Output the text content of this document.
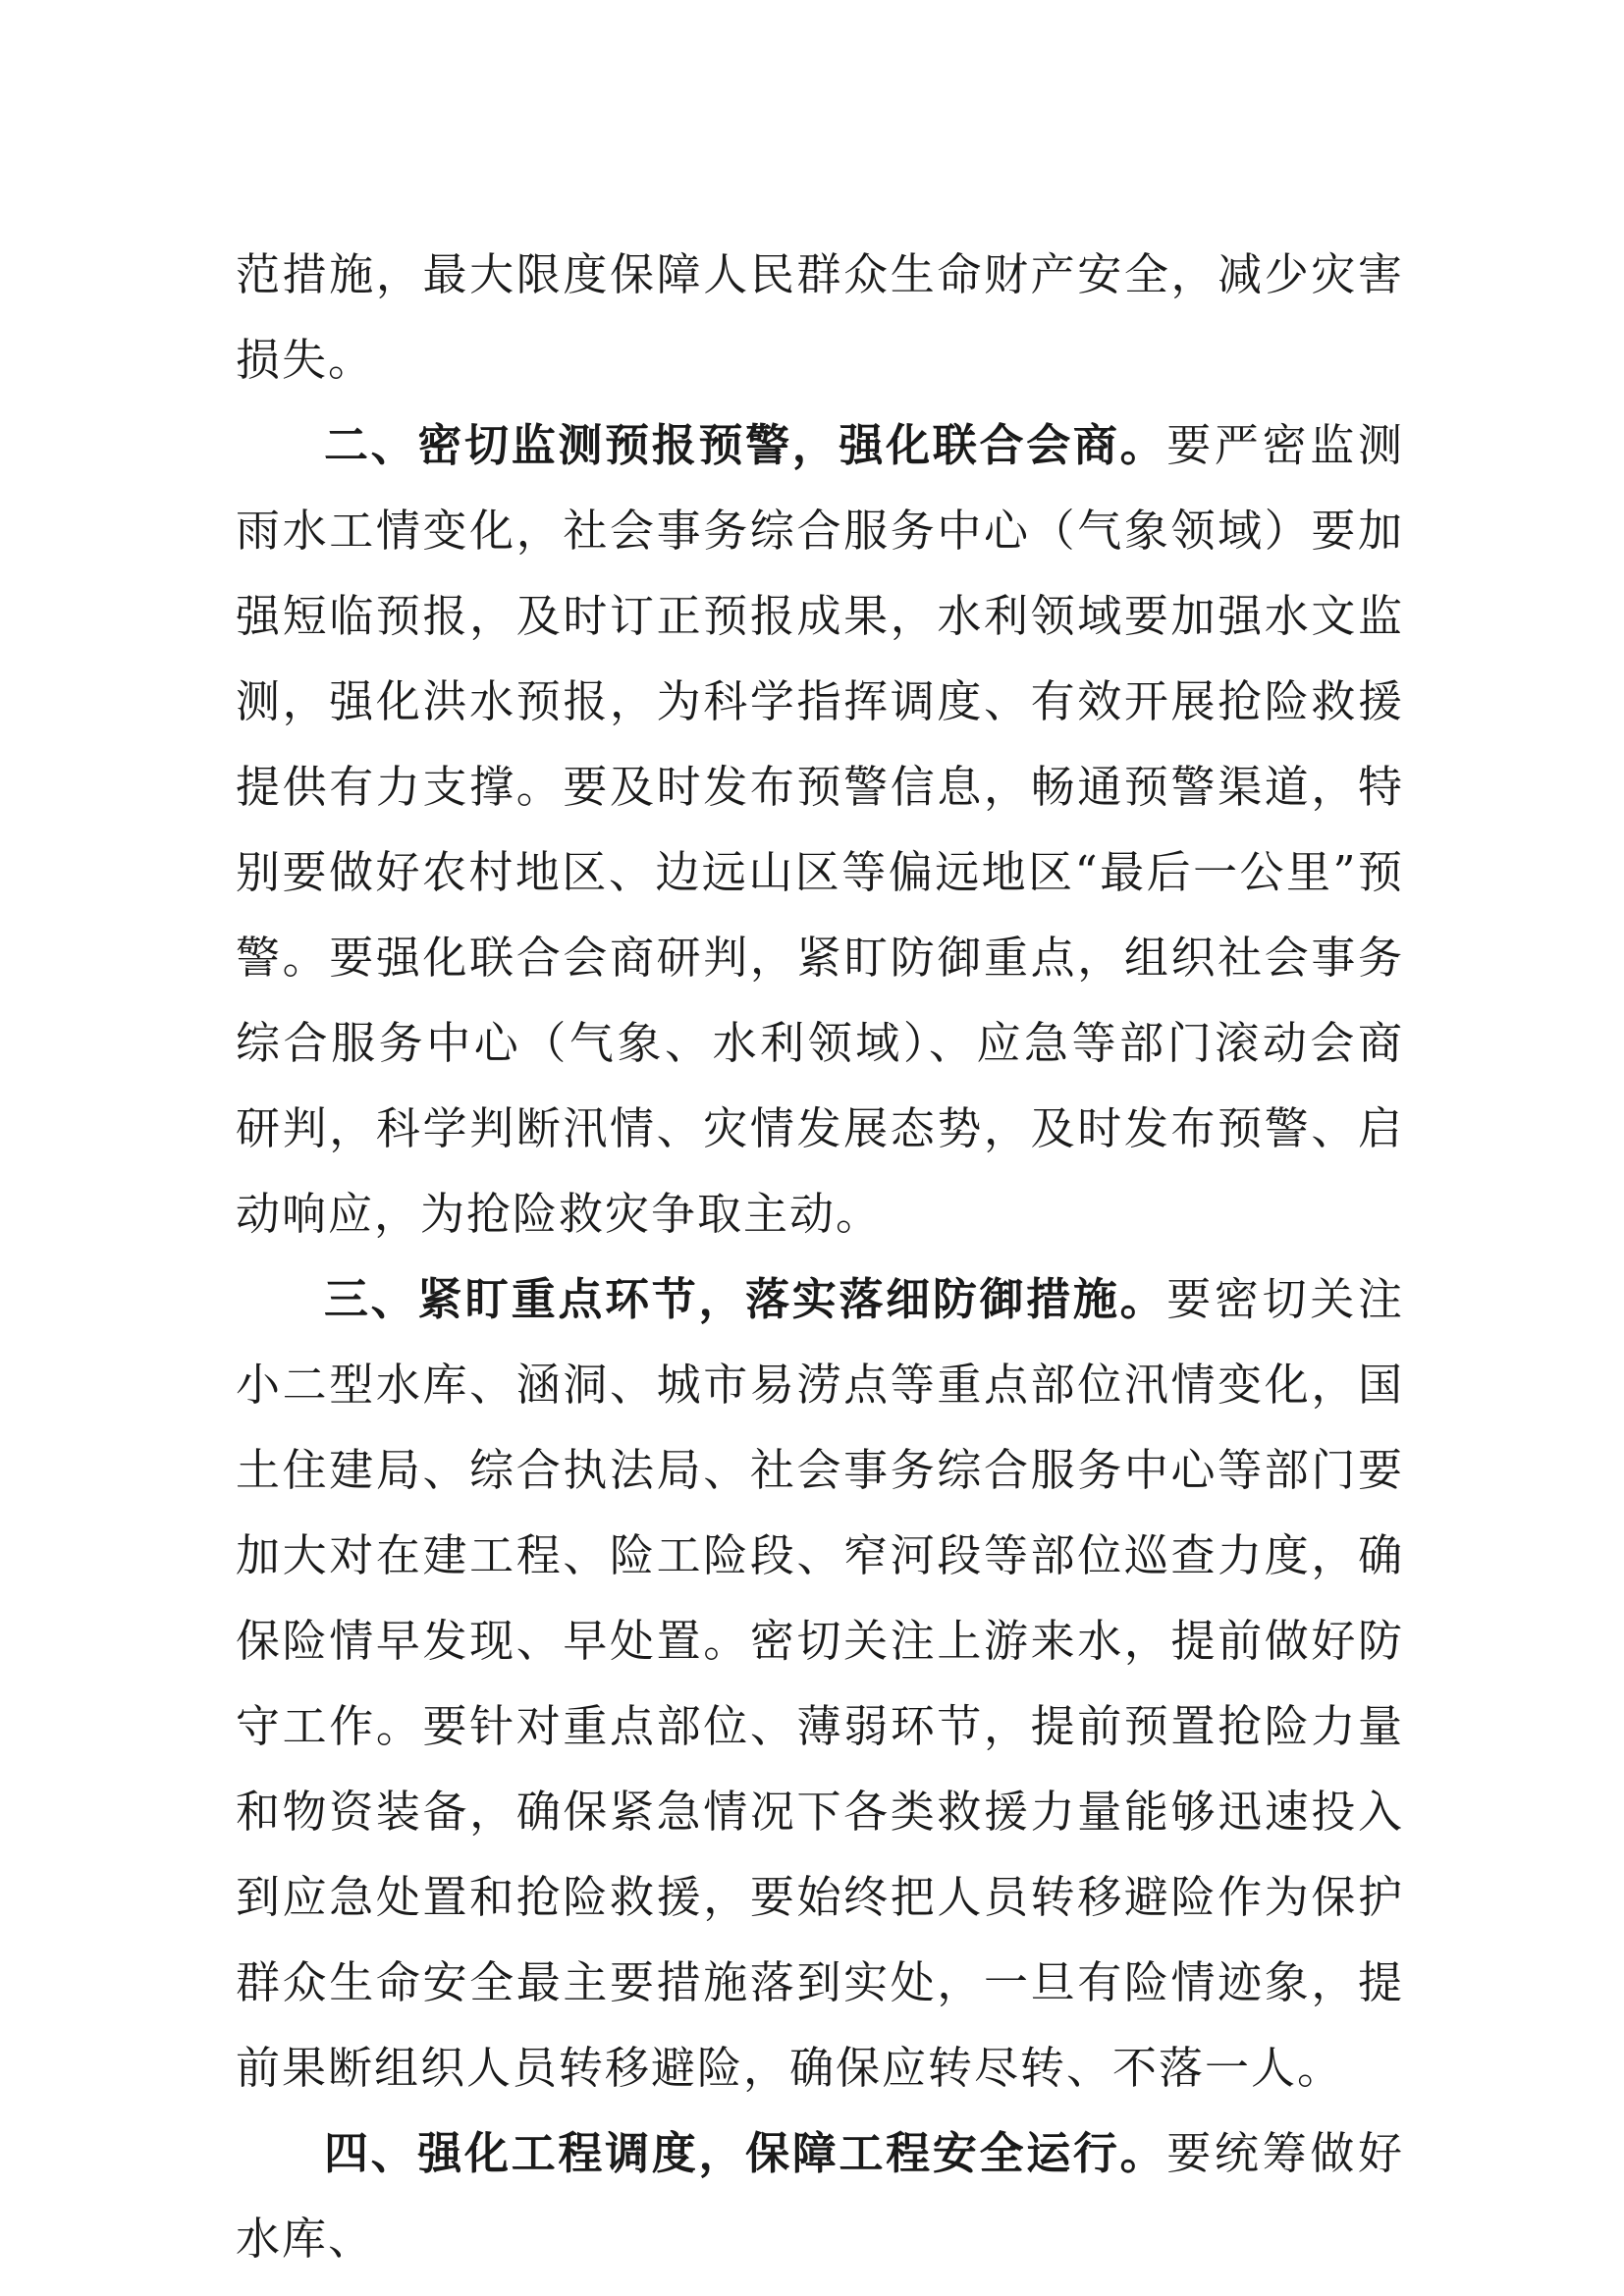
范措施，最大限度保障人民群众生命财产安全，减少灾害损失。

二、密切监测预报预警，强化联合会商。要严密监测雨水工情变化，社会事务综合服务中心（气象领域）要加强短临预报，及时订正预报成果，水利领域要加强水文监测，强化洪水预报，为科学指挥调度、有效开展抢险救援提供有力支撑。要及时发布预警信息，畅通预警渠道，特别要做好农村地区、边远山区等偏远地区“最后一公里”预警。要强化联合会商研判，紧盯防御重点，组织社会事务综合服务中心（气象、水利领域）、应急等部门滚动会商研判，科学判断汛情、灾情发展态势，及时发布预警、启动响应，为抢险救灾争取主动。

三、紧盯重点环节，落实落细防御措施。要密切关注小二型水库、涵洞、城市易涝点等重点部位汛情变化，国土住建局、综合执法局、社会事务综合服务中心等部门要加大对在建工程、险工险段、窄河段等部位巡查力度，确保险情早发现、早处置。密切关注上游来水，提前做好防守工作。要针对重点部位、薄弱环节，提前预置抢险力量和物资装备，确保紧急情况下各类救援力量能够迅速投入到应急处置和抢险救援，要始终把人员转移避险作为保护群众生命安全最主要措施落到实处，一旦有险情迹象，提前果断组织人员转移避险，确保应转尽转、不落一人。

四、强化工程调度，保障工程安全运行。要统筹做好水库、
